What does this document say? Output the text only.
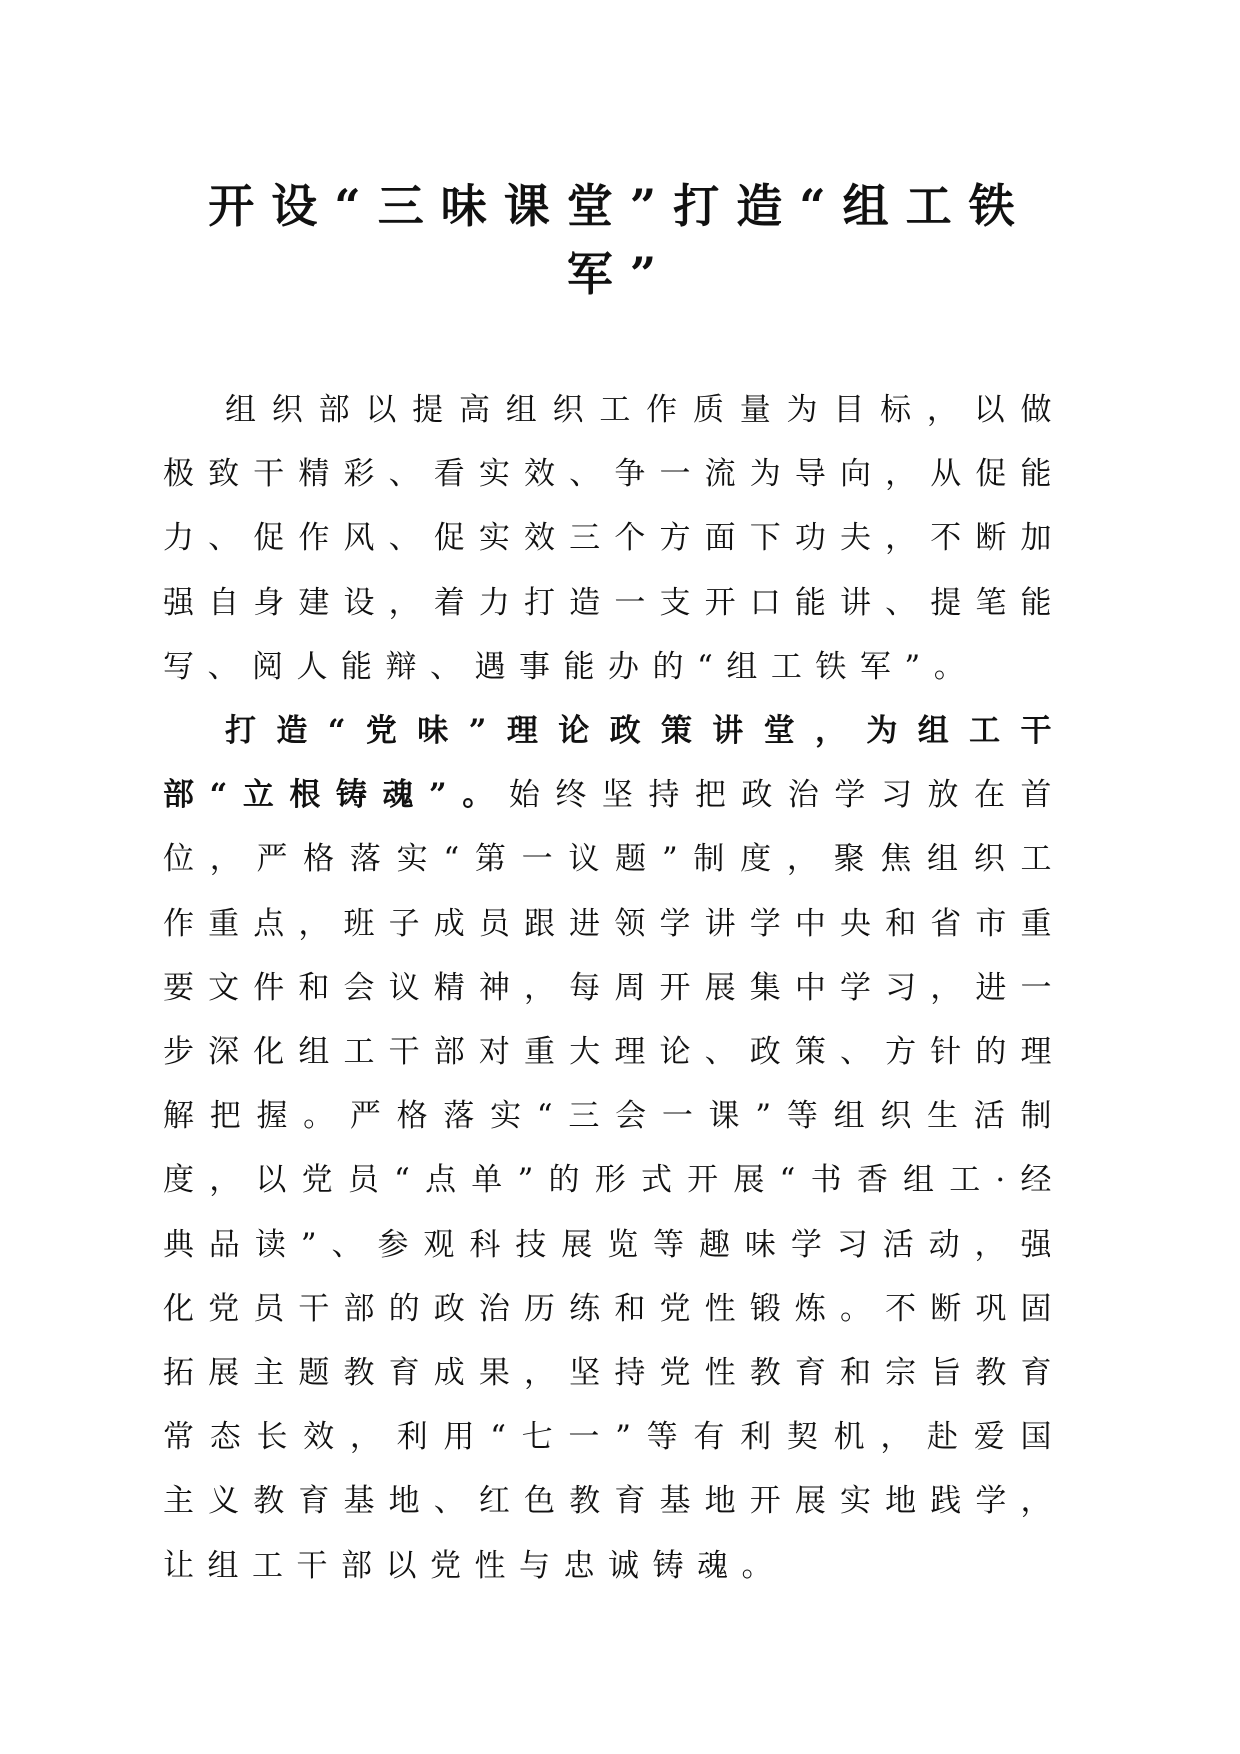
开设“三味课堂”打造“组工铁军”

组织部以提高组织工作质量为目标，以做极致干精彩、看实效、争一流为导向，从促能力、促作风、促实效三个方面下功夫，不断加强自身建设，着力打造一支开口能讲、提笔能写、阅人能辩、遇事能办的“组工铁军”。

打造“党味”理论政策讲堂，为组工干部“立根铸魂”。始终坚持把政治学习放在首位，严格落实“第一议题”制度，聚焦组织工作重点，班子成员跟进领学讲学中央和省市重要文件和会议精神，每周开展集中学习，进一步深化组工干部对重大理论、政策、方针的理解把握。严格落实“三会一课”等组织生活制度，以党员“点单”的形式开展“书香组工·经典品读”、参观科技展览等趣味学习活动，强化党员干部的政治历练和党性锻炼。不断巩固拓展主题教育成果，坚持党性教育和宗旨教育常态长效，利用“七一”等有利契机，赴爱国主义教育基地、红色教育基地开展实地践学，让组工干部以党性与忠诚铸魂。
